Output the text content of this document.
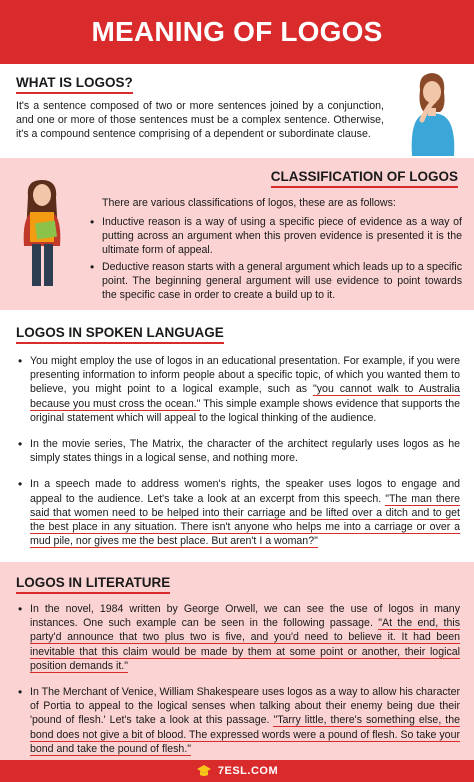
MEANING OF LOGOS
WHAT IS LOGOS?

It's a sentence composed of two or more sentences joined by a conjunction, and one or more of those sentences must be a complex sentence. Otherwise, it's a compound sentence comprising of a dependent or subordinate clause.

CLASSIFICATION OF LOGOS

There are various classifications of logos, these are as follows:

• Inductive reason is a way of using a specific piece of evidence as a way of putting across an argument when this proven evidence is presented it is the ultimate form of appeal.
• Deductive reason starts with a general argument which leads up to a specific point. The beginning general argument will use evidence to point towards the specific case in order to create a build up to it.
LOGOS IN SPOKEN LANGUAGE
• You might employ the use of logos in an educational presentation. For example, if you were presenting information to inform people about a specific topic, of which you wanted them to believe, you might point to a logical example, such as "you cannot walk to Australia because you must cross the ocean." This simple example shows evidence that supports the original statement which will appeal to the logical thinking of the audience.
• In the movie series, The Matrix, the character of the architect regularly uses logos as he simply states things in a logical sense, and nothing more.
• In a speech made to address women's rights, the speaker uses logos to engage and appeal to the audience. Let's take a look at an excerpt from this speech. "The man there said that women need to be helped into their carriage and be lifted over a ditch and to get the best place in any situation. There isn't anyone who helps me into a carriage or over a mud pile, nor gives me the best place. But aren't I a woman?"
LOGOS IN LITERATURE
• In the novel, 1984 written by George Orwell, we can see the use of logos in many instances. One such example can be seen in the following passage. "At the end, this party'd announce that two plus two is five, and you'd need to believe it. It had been inevitable that this claim would be made by them at some point or another, their logical position demands it."
• In The Merchant of Venice, William Shakespeare uses logos as a way to allow his character of Portia to appeal to the logical senses when talking about their enemy being due their 'pound of flesh.' Let's take a look at this passage. "Tarry little, there's something else, the bond does not give a bit of blood. The expressed words were a pound of flesh. So take your bond and take the pound of flesh."
7ESL.COM
